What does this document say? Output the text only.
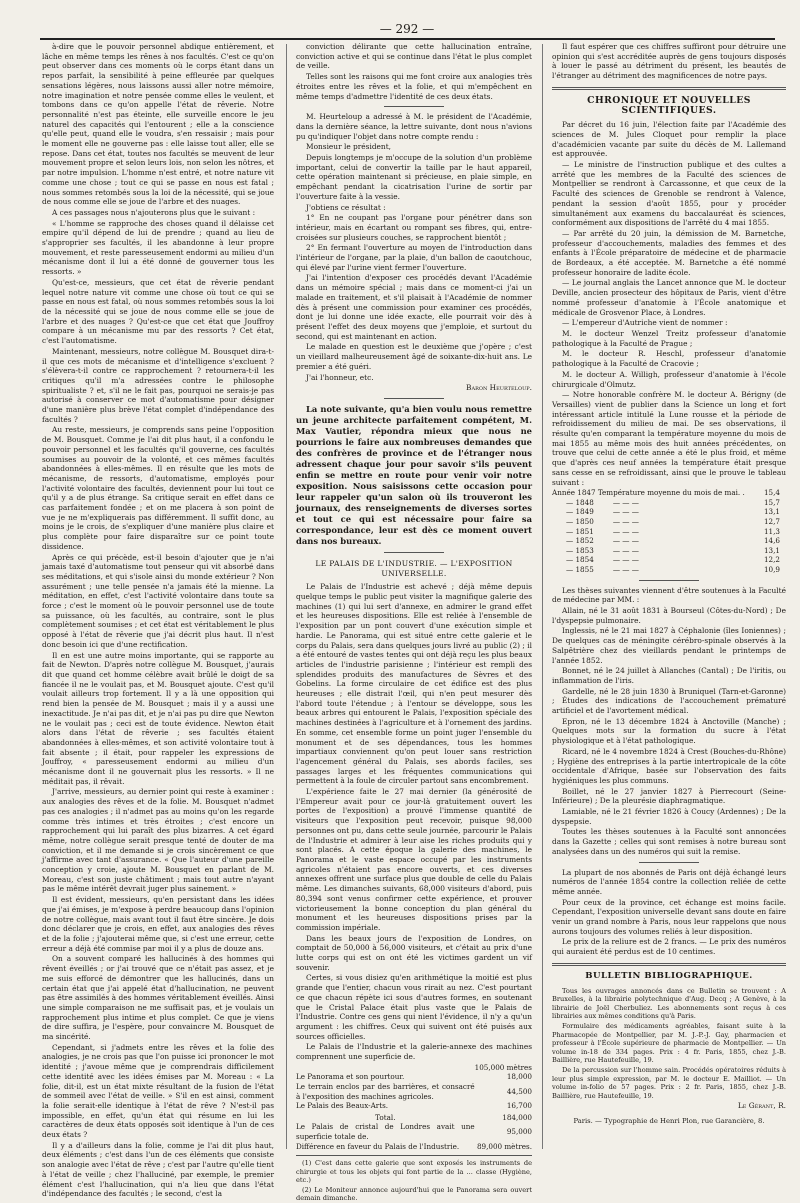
— 292 —

à-dire que le pouvoir personnel abdique entièrement, et lâche en même temps les rênes à nos facultés. C'est ce qu'on peut observer dans ces moments où le corps étant dans un repos parfait, la sensibilité à peine effleurée par quelques sensations légères, nous laissons aussi aller notre mémoire, notre imagination et notre pensée comme elles le veulent, et tombons dans ce qu'on appelle l'état de rêverie. Notre personnalité n'est pas éteinte, elle surveille encore le jeu naturel des capacités qui l'entourent ; elle a la conscience qu'elle peut, quand elle le voudra, s'en ressaisir ; mais pour le moment elle ne gouverne pas : elle laisse tout aller, elle se repose. Dans cet état, toutes nos facultés se meuvent de leur mouvement propre et selon leurs lois, non selon les nôtres, et par notre impulsion. L'homme n'est entré, et notre nature vit comme une chose ; tout ce qui se passe en nous est fatal ; nous sommes retombés sous la loi de la nécessité, qui se joue de nous comme elle se joue de l'arbre et des nuages.

A ces passages nous n'ajouterons plus que le suivant :

« L'homme se rapproche des choses quand il délaisse cet empire qu'il dépend de lui de prendre ; quand au lieu de s'approprier ses facultés, il les abandonne à leur propre mouvement, et reste paresseusement endormi au milieu d'un mécanisme dont il lui a été donné de gouverner tous les ressorts. »

Qu'est-ce, messieurs, que cet état de rêverie pendant lequel notre nature vit comme une chose où tout ce qui se passe en nous est fatal, où nous sommes retombés sous la loi de la nécessité qui se joue de nous comme elle se joue de l'arbre et des nuages ? Qu'est-ce que cet état que Jouffroy compare à un mécanisme mu par des ressorts ? Cet état, c'est l'automatisme.

Maintenant, messieurs, notre collègue M. Bousquet dira-t-il que ces mots de mécanisme et d'intelligence s'excluent ? s'élèvera-t-il contre ce rapprochement ? retournera-t-il les critiques qu'il m'a adressées contre le philosophe spiritualiste ? et, s'il ne le fait pas, pourquoi ne serais-je pas autorisé à conserver ce mot d'automatisme pour désigner d'une manière plus brève l'état complet d'indépendance des facultés ?

Au reste, messieurs, je comprends sans peine l'opposition de M. Bousquet. Comme je l'ai dit plus haut, il a confondu le pouvoir personnel et les facultés qu'il gouverne, ces facultés soumises au pouvoir de la volonté, et ces mêmes facultés abandonnées à elles-mêmes. Il en résulte que les mots de mécanisme, de ressorts, d'automatisme, employés pour l'activité volontaire des facultés, deviennent pour lui tout ce qu'il y a de plus étrange. Sa critique serait en effet dans ce cas parfaitement fondée ; et on me placera à son point de vue je ne m'expliquerais pas différemment. Il suffit donc, au moins je le crois, de s'expliquer d'une manière plus claire et plus complète pour faire disparaître sur ce point toute dissidence.

Après ce qui précède, est-il besoin d'ajouter que je n'ai jamais taxé d'automatisme tout penseur qui vit absorbé dans ses méditations, et qui s'isole ainsi du monde extérieur ? Non assurément ; une telle pensée n'a jamais été la mienne. La méditation, en effet, c'est l'activité volontaire dans toute sa force ; c'est le moment où le pouvoir personnel use de toute sa puissance, où les facultés, au contraire, sont le plus complètement soumises ; et cet état est véritablement le plus opposé à l'état de rêverie que j'ai décrit plus haut. Il n'est donc besoin ici que d'une rectification.

Il en est une autre moins importante, qui se rapporte au fait de Newton. D'après notre collègue M. Bousquet, j'aurais dit que quand cet homme célèbre avait brûlé le doigt de sa fiancée il ne le voulait pas, et M. Bousquet ajoute. C'est qu'il voulait ailleurs trop fortement. Il y a là une opposition qui rend bien la pensée de M. Bousquet ; mais il y a aussi une inexactitude. Je n'ai pas dit, et je n'ai pas pu dire que Newton ne le voulait pas ; ceci est de toute évidence. Newton était alors dans l'état de rêverie ; ses facultés étaient abandonnées à elles-mêmes, et son activité volontaire tout à fait absente ; il était, pour rappeler les expressions de Jouffroy, « paresseusement endormi au milieu d'un mécanisme dont il ne gouvernait plus les ressorts. » Il ne méditait pas, il rêvait.

J'arrive, messieurs, au dernier point qui reste à examiner : aux analogies des rêves et de la folie. M. Bousquet n'admet pas ces analogies ; il n'admet pas au moins qu'on les regarde comme très intimes et très étroites ; c'est encore un rapprochement qui lui paraît des plus bizarres. A cet égard même, notre collègue serait presque tenté de douter de ma conviction, et il me demande si je crois sincèrement ce que j'affirme avec tant d'assurance. « Que l'auteur d'une pareille conception y croie, ajoute M. Bousquet en parlant de M. Moreau, c'est son juste châtiment ; mais tout autre n'ayant pas le même intérêt devrait juger plus sainement. »

Il est évident, messieurs, qu'en persistant dans les idées que j'ai émises, je m'expose à perdre beaucoup dans l'opinion de notre collègue, mais avant tout il faut être sincère. Je dois donc déclarer que je crois, en effet, aux analogies des rêves et de la folie ; j'ajouterai même que, si c'est une erreur, cette erreur a déjà été commise par moi il y a plus de douze ans.

On a souvent comparé les hallucinés à des hommes qui rêvent éveillés ; or j'ai trouvé que ce n'était pas assez, et je me suis efforcé de démontrer que les hallucinés, dans un certain état que j'ai appelé état d'hallucination, ne peuvent pas être assimilés à des hommes véritablement éveillés. Ainsi une simple comparaison ne me suffisait pas, et je voulais un rapprochement plus intime et plus complet. Ce que je viens de dire suffira, je l'espère, pour convaincre M. Bousquet de ma sincérité.

Cependant, si j'admets entre les rêves et la folie des analogies, je ne crois pas que l'on puisse ici prononcer le mot identité ; j'avoue même que je comprendrais difficilement cette identité avec les idées émises par M. Moreau : « La folie, dit-il, est un état mixte résultant de la fusion de l'état de sommeil avec l'état de veille. » S'il en est ainsi, comment la folie serait-elle identique à l'état de rêve ? N'est-il pas impossible, en effet, qu'un état qui résume en lui les caractères de deux états opposés soit identique à l'un de ces deux états ?

Il y a d'ailleurs dans la folie, comme je l'ai dit plus haut, deux éléments ; c'est dans l'un de ces éléments que consiste son analogie avec l'état de rêve ; c'est par l'autre qu'elle tient à l'état de veille ; chez l'halluciné, par exemple, le premier élément c'est l'hallucination, qui n'a lieu que dans l'état d'indépendance des facultés ; le second, c'est la

conviction délirante que cette hallucination entraîne, conviction active et qui se continue dans l'état le plus complet de veille.

Telles sont les raisons qui me font croire aux analogies très étroites entre les rêves et la folie, et qui m'empêchent en même temps d'admettre l'identité de ces deux états.

M. Heurteloup a adressé à M. le président de l'Académie, dans la dernière séance, la lettre suivante, dont nous n'avions pu qu'indiquer l'objet dans notre compte rendu :

Monsieur le président,

Depuis longtemps je m'occupe de la solution d'un problème important, celui de convertir la taille par le haut appareil, cette opération maintenant si précieuse, en plaie simple, en empêchant pendant la cicatrisation l'urine de sortir par l'ouverture faite à la vessie.

J'obtiens ce résultat :

1° En ne coupant pas l'organe pour pénétrer dans son intérieur, mais en écartant ou rompant ses fibres, qui, entre-croisées sur plusieurs couches, se rapprochent bientôt ;

2° En fermant l'ouverture au moyen de l'introduction dans l'intérieur de l'organe, par la plaie, d'un ballon de caoutchouc, qui élevé par l'urine vient fermer l'ouverture.

J'ai l'intention d'exposer ces procédés devant l'Académie dans un mémoire spécial ; mais dans ce moment-ci j'ai un malade en traitement, et s'il plaisait à l'Académie de nommer dès à présent une commission pour examiner ces procédés, dont je lui donne une idée exacte, elle pourrait voir dès à présent l'effet des deux moyens que j'emploie, et surtout du second, qui est maintenant en action.

Le malade en question est le deuxième que j'opère ; c'est un vieillard malheureusement âgé de soixante-dix-huit ans. Le premier a été guéri.

J'ai l'honneur, etc.

Baron Heurteloup.

La note suivante, qu'a bien voulu nous remettre un jeune architecte parfaitement compétent, M. Max Vautier, répondra mieux que nous ne pourrions le faire aux nombreuses demandes que des confrères de province et de l'étranger nous adressent chaque jour pour savoir s'ils peuvent enfin se mettre en route pour venir voir notre exposition. Nous saisissons cette occasion pour leur rappeler qu'un salon où ils trouveront les journaux, des renseignements de diverses sortes et tout ce qui est nécessaire pour faire sa correspondance, leur est dès ce moment ouvert dans nos bureaux.

LE PALAIS DE L'INDUSTRIE. — L'EXPOSITION UNIVERSELLE.

Le Palais de l'Industrie est achevé ; déjà même depuis quelque temps le public peut visiter la magnifique galerie des machines (1) qui lui sert d'annexe, en admirer le grand effet et les heureuses dispositions. Elle est reliée à l'ensemble de l'exposition par un pont couvert d'une exécution simple et hardie. Le Panorama, qui est situé entre cette galerie et le corps du Palais, sera dans quelques jours livré au public (2) ; il a été entouré de vastes tentes qui ont déjà reçu les plus beaux articles de l'industrie parisienne ; l'intérieur est rempli des splendides produits des manufactures de Sèvres et des Gobelins. La forme circulaire de cet édifice est des plus heureuses ; elle distrait l'œil, qui n'en peut mesurer dès l'abord toute l'étendue ; à l'entour se développe, sous les beaux arbres qui entourent le Palais, l'exposition spéciale des machines destinées à l'agriculture et à l'ornement des jardins. En somme, cet ensemble forme un point juger l'ensemble du monument et de ses dépendances, tous les hommes impartiaux conviennent qu'on peut louer sans restriction l'agencement général du Palais, ses abords faciles, ses passages larges et les fréquentes communications qui permettent à la foule de circuler partout sans encombrement.

L'expérience faite le 27 mai dernier (la générosité de l'Empereur avait pour ce jour-là gratuitement ouvert les portes de l'exposition) a prouvé l'immense quantité de visiteurs que l'exposition peut recevoir, puisque 98,000 personnes ont pu, dans cette seule journée, parcourir le Palais de l'Industrie et admirer à leur aise les riches produits qui y sont placés. A cette époque la galerie des machines, le Panorama et le vaste espace occupé par les instruments agricoles n'étaient pas encore ouverts, et ces diverses annexes offrent une surface plus que double de celle du Palais même. Les dimanches suivants, 68,000 visiteurs d'abord, puis 80,394 sont venus confirmer cette expérience, et prouver victorieusement la bonne conception du plan général du monument et les heureuses dispositions prises par la commission impériale.

Dans les beaux jours de l'exposition de Londres, on comptait de 50,000 à 56,000 visiteurs, et c'était au prix d'une lutte corps qui est on ont été les victimes gardent un vif souvenir.

Certes, si vous disiez qu'en arithmétique la moitié est plus grande que l'entier, chacun vous rirait au nez. C'est pourtant ce que chacun répète ici sous d'autres formes, en soutenant que le Cristal Palace était plus vaste que le Palais de l'Industrie. Contre ces gens qui nient l'évidence, il n'y a qu'un argument : les chiffres. Ceux qui suivent ont été puisés aux sources officielles.

Le Palais de l'Industrie et la galerie-annexe des machines comprennent une superficie de.

	105,000 mètres
Le Panorama et son pourtour.	18,000
Le terrain enclos par des barrières, et consacré à l'exposition des machines agricoles.	44,500
Le Palais des Beaux-Arts.	16,700
Total.	184,000
Le Palais de cristal de Londres avait une superficie totale de.	95,000
Différence en faveur du Palais de l'Industrie.	89,000 mètres.

(1) C'est dans cette galerie que sont exposés les instruments de chirurgie et tous les objets qui font partie de la ... classe (Hygiène, etc.)

(2) Le Moniteur annonce aujourd'hui que le Panorama sera ouvert demain dimanche.

Il faut espérer que ces chiffres suffiront pour détruire une opinion qui s'est accréditée auprès de gens toujours disposés à louer le passé au détriment du présent, les beautés de l'étranger au détriment des magnificences de notre pays.

CHRONIQUE ET NOUVELLES SCIENTIFIQUES.

Par décret du 16 juin, l'élection faite par l'Académie des sciences de M. Jules Cloquet pour remplir la place d'académicien vacante par suite du décès de M. Lallemand est approuvée.

— Le ministre de l'instruction publique et des cultes a arrêté que les membres de la Faculté des sciences de Montpellier se rendront à Carcassonne, et que ceux de la Faculté des sciences de Grenoble se rendront à Valence, pendant la session d'août 1855, pour y procéder simultanément aux examens du baccalauréat ès sciences, conformément aux dispositions de l'arrêté du 4 mai 1855.

— Par arrêté du 20 juin, la démission de M. Barnetche, professeur d'accouchements, maladies des femmes et des enfants à l'École préparatoire de médecine et de pharmacie de Bordeaux, a été acceptée. M. Barnetche a été nommé professeur honoraire de ladite école.

— Le journal anglais the Lancet annonce que M. le docteur Deville, ancien prosecteur des hôpitaux de Paris, vient d'être nommé professeur d'anatomie à l'École anatomique et médicale de Grosvenor Place, à Londres.

— L'empereur d'Autriche vient de nommer :

M. le docteur Wenzel Treitz professeur d'anatomie pathologique à la Faculté de Prague ;

M. le docteur R. Heschl, professeur d'anatomie pathologique à la Faculté de Cracovie ;

M. le docteur A. Willigh, professeur d'anatomie à l'école chirurgicale d'Olmutz.

— Notre honorable confrère M. le docteur A. Bérigny (de Versailles) vient de publier dans la Science un long et fort intéressant article intitulé la Lune rousse et la période de refroidissement du milieu de mai. De ses observations, il résulte qu'en comparant la température moyenne du mois de mai 1855 au même mois des huit années précédentes, on trouve que celui de cette année a été le plus froid, et même que d'après ces neuf années la température était presque sans cesse en se refroidissant, ainsi que le prouve le tableau suivant :

Année 1847 Température moyenne du mois de mai. .		15,4
— 1848	— — —	15,7
— 1849	— — —	13,1
— 1850	— — —	12,7
— 1851	— — —	11,3
— 1852	— — —	14,6
— 1853	— — —	13,1
— 1854	— — —	12,2
— 1855	— — —	10,9

Les thèses suivantes viennent d'être soutenues à la Faculté de médecine par MM. :

Allain, né le 31 août 1831 à Bourseul (Côtes-du-Nord) ; De l'dyspepsie pulmonaire.

Inglessis, né le 21 mai 1827 à Céphalonie (îles Ioniennes) ; De quelques cas de méningite cérébro-spinale observés à la Salpêtrière chez des vieillards pendant le printemps de l'année 1852.

Bonnet, né le 24 juillet à Allanches (Cantal) ; De l'iritis, ou inflammation de l'iris.

Gardelle, né le 28 juin 1830 à Bruniquel (Tarn-et-Garonne) ; Études des indications de l'accouchement prématuré artificiel et de l'avortement médical.

Epron, né le 13 décembre 1824 à Anctoville (Manche) ; Quelques mots sur la formation du sucre à l'état physiologique et à l'état pathologique.

Ricard, né le 4 novembre 1824 à Crest (Bouches-du-Rhône) ; Hygiène des entreprises à la partie intertropicale de la côte occidentale d'Afrique, basée sur l'observation des faits hygiéniques les plus communs.

Boillet, né le 27 janvier 1827 à Pierrecourt (Seine-Inférieure) ; De la pleurésie diaphragmatique.

Lamiable, né le 21 février 1826 à Coucy (Ardennes) ; De la dyspepsie.

Toutes les thèses soutenues à la Faculté sont annoncées dans la Gazette ; celles qui sont remises à notre bureau sont analysées dans un des numéros qui suit la remise.

La plupart de nos abonnés de Paris ont déjà échangé leurs numéros de l'année 1854 contre la collection reliée de cette même année.

Pour ceux de la province, cet échange est moins facile. Cependant, l'exposition universelle devant sans doute en faire venir un grand nombre à Paris, nous leur rappelons que nous aurons toujours des volumes reliés à leur disposition.

Le prix de la reliure est de 2 francs. — Le prix des numéros qui auraient été perdus est de 10 centimes.

BULLETIN BIBLIOGRAPHIQUE.

Tous les ouvrages annoncés dans ce Bulletin se trouvent : A Bruxelles, à la librairie polytechnique d'Aug. Decq ; A Genève, à la librairie de Joël Cherbuliez. Les abonnements sont reçus à ces librairies aux mêmes conditions qu'à Paris.

Formulaire des médicaments agréables, faisant suite à la Pharmacopée de Montpellier, par M. J.-P.-J. Gay, pharmacien et professeur à l'École supérieure de pharmacie de Montpellier. — Un volume in-18 de 334 pages. Prix : 4 fr. Paris, 1855, chez J.-B. Baillière, rue Hautefeuille, 19.

De la percussion sur l'homme sain. Procédés opératoires réduits à leur plus simple expression, par M. le docteur E. Mailliot. — Un volume in-folio de 57 pages. Prix : 2 fr. Paris, 1855, chez J.-B. Baillière, rue Hautefeuille, 19.

Le Gérant, R.
Paris. — Typographie de Henri Plon, rue Garancière, 8.
